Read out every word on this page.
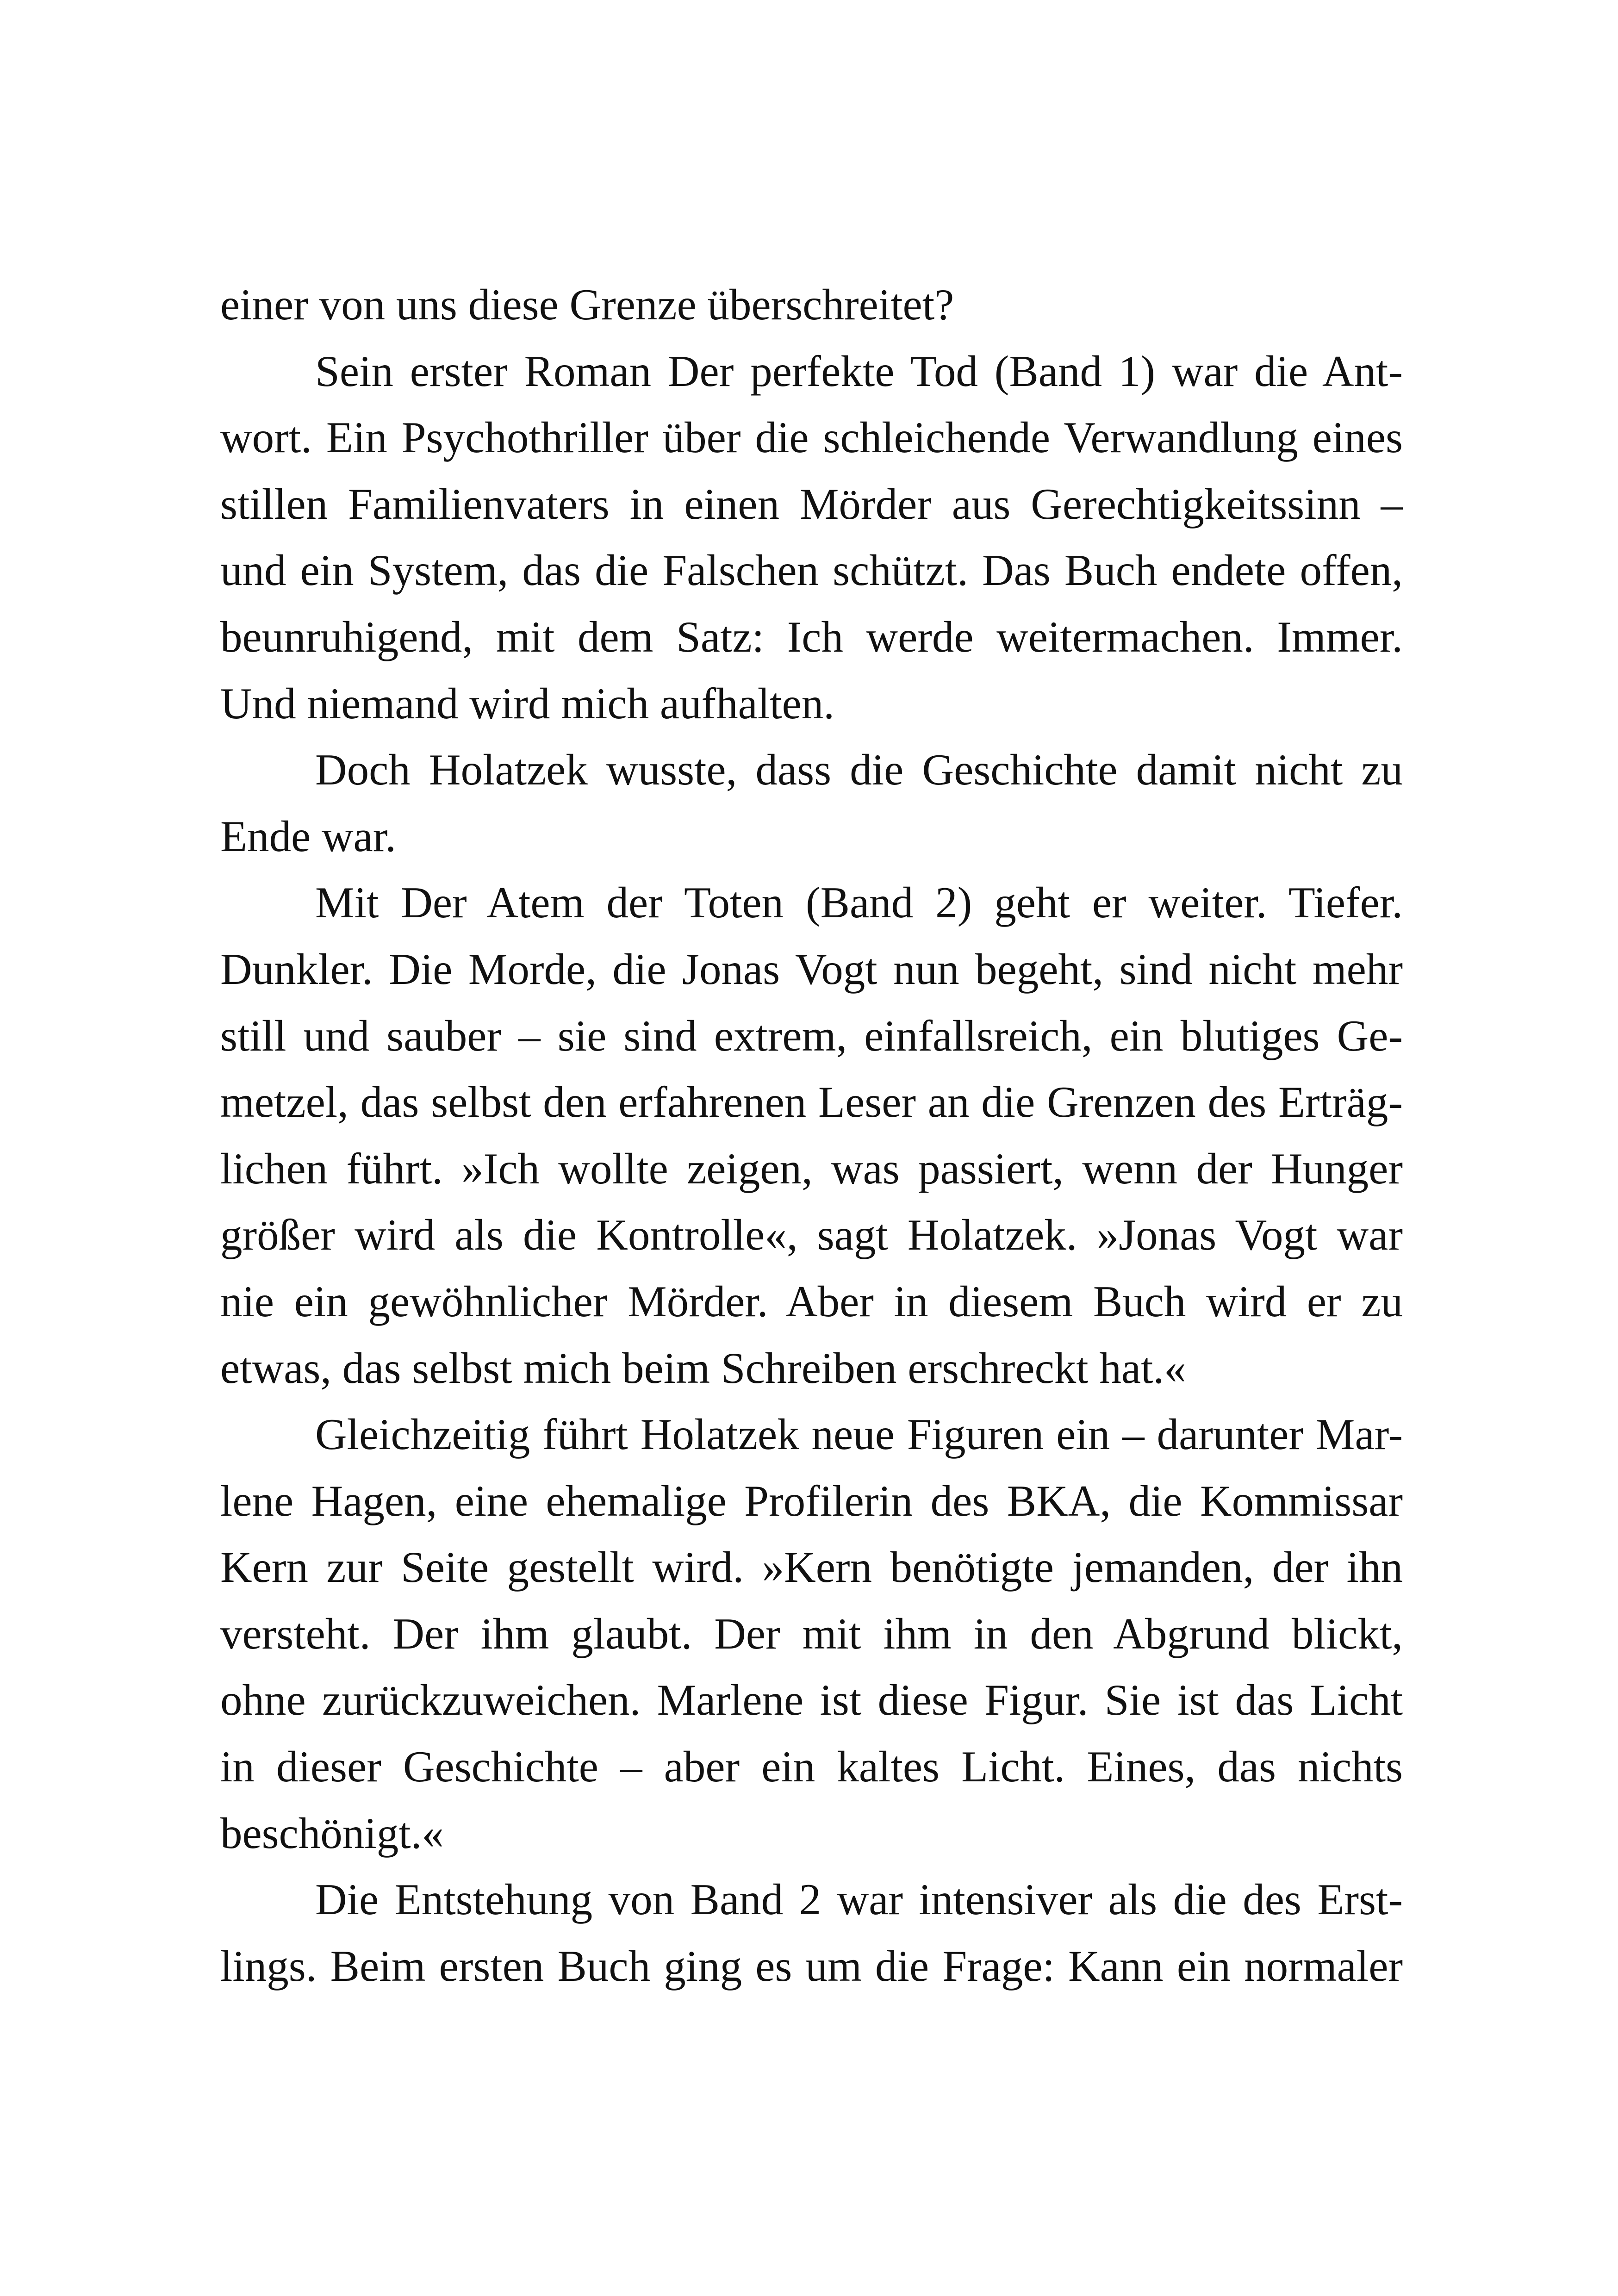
einer von uns diese Grenze überschreitet?
Sein erster Roman Der perfekte Tod (Band 1) war die Ant-
wort. Ein Psychothriller über die schleichende Verwandlung eines
stillen Familienvaters in einen Mörder aus Gerechtigkeitssinn –
und ein System, das die Falschen schützt. Das Buch endete offen,
beunruhigend, mit dem Satz: Ich werde weitermachen. Immer.
Und niemand wird mich aufhalten.
Doch Holatzek wusste, dass die Geschichte damit nicht zu
Ende war.
Mit Der Atem der Toten (Band 2) geht er weiter. Tiefer.
Dunkler. Die Morde, die Jonas Vogt nun begeht, sind nicht mehr
still und sauber – sie sind extrem, einfallsreich, ein blutiges Ge-
metzel, das selbst den erfahrenen Leser an die Grenzen des Erträg-
lichen führt. »Ich wollte zeigen, was passiert, wenn der Hunger
größer wird als die Kontrolle«, sagt Holatzek. »Jonas Vogt war
nie ein gewöhnlicher Mörder. Aber in diesem Buch wird er zu
etwas, das selbst mich beim Schreiben erschreckt hat.«
Gleichzeitig führt Holatzek neue Figuren ein – darunter Mar-
lene Hagen, eine ehemalige Profilerin des BKA, die Kommissar
Kern zur Seite gestellt wird. »Kern benötigte jemanden, der ihn
versteht. Der ihm glaubt. Der mit ihm in den Abgrund blickt,
ohne zurückzuweichen. Marlene ist diese Figur. Sie ist das Licht
in dieser Geschichte – aber ein kaltes Licht. Eines, das nichts
beschönigt.«
Die Entstehung von Band 2 war intensiver als die des Erst-
lings. Beim ersten Buch ging es um die Frage: Kann ein normaler
